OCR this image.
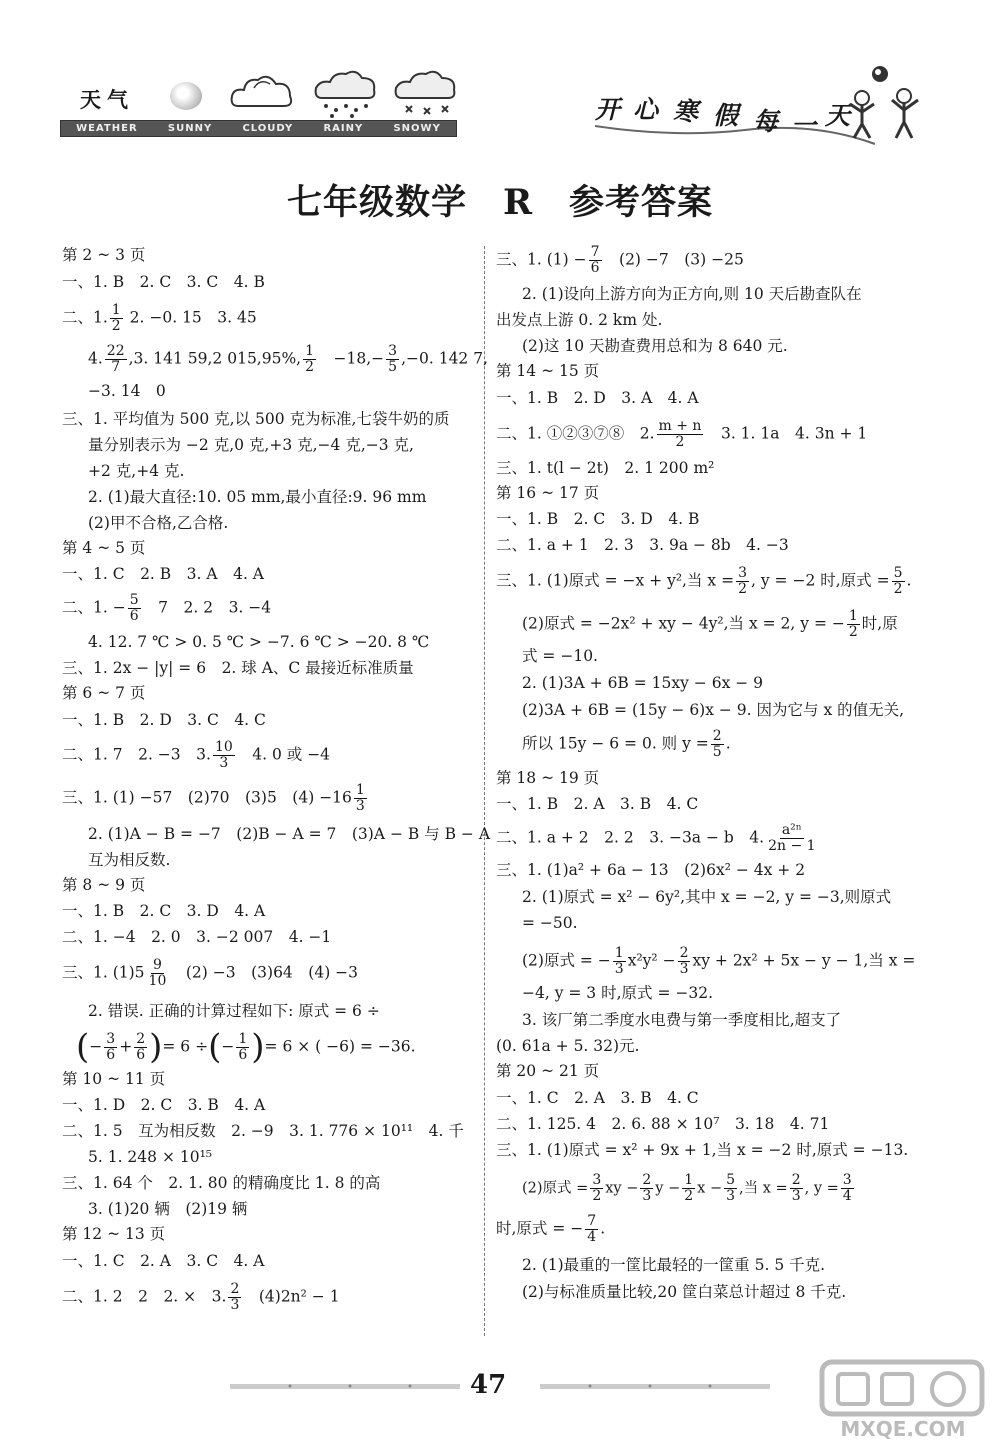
天气
WEATHER	SUNNY	CLOUDY	RAINY	SNOWY
开 心 寒 假 每 一 天
七年级数学　R　参考答案
第 2 ~ 3 页
一、1. B　2. C　3. C　4. B
二、1. $\frac{1}{2} 2$. −0. 15　3. 45
4. $\frac{22}{7} ,3$. 141 59,2 015,95%, $\frac{1}{2}$ 　$-18,- \frac{3}{5} ,-0$. 142 7,
−3. 14　0
三、1. 平均值为 500 克,以 500 克为标准,七袋牛奶的质
量分别表示为 −2 克,0 克,+3 克,−4 克,−3 克,
+2 克,+4 克.
2. (1)最大直径:10. 05 mm,最小直径:9. 96 mm
(2)甲不合格,乙合格.
第 4 ~ 5 页
一、1. C　2. B　3. A　4. A
二、1. − $\frac{5}{6}$ 　7　2. 2　3. −4
4. 12. 7 ℃ > 0. 5 ℃ > −7. 6 ℃ > −20. 8 ℃
三、1. 2x − |y| = 6　2. 球 A、C 最接近标准质量
第 6 ~ 7 页
一、1. B　2. D　3. C　4. C
二、1. 7　2. −3　3. $\frac{10}{3}$ 　4. 0 或 −4
三、1. (1) −57　(2)70　(3)5　$(4) -16 \frac{1}{3}$
2. (1)A − B = −7　(2)B − A = 7　(3)A − B 与 B − A
互为相反数.
第 8 ~ 9 页
一、1. B　2. C　3. D　4. A
二、1. −4　2. 0　3. −2 007　4. −1
三、1. $(1)5 \frac{9}{10}$ 　(2) −3　(3)64　(4) −3
2. 错误. 正确的计算过程如下: 原式 = 6 ÷
(− $\frac{3}{6} + \frac{2}{6}$ )= 6 ÷(− $\frac{1}{6}$ )= 6 × ( −6) = −36.
第 10 ~ 11 页
一、1. D　2. C　3. B　4. A
二、1. 5　互为相反数　2. −9　3. 1. 776 × 10¹¹　4. 千
5. 1. 248 × 10¹⁵
三、1. 64 个　2. 1. 80 的精确度比 1. 8 的高
3. (1)20 辆　(2)19 辆
第 12 ~ 13 页
一、1. C　2. A　3. C　4. A
二、1. 2　2　2. ×　3. $\frac{2}{3}$ 　(4)2n² − 1
三、1. $(1) - \frac{7}{6}$ 　(2) −7　(3) −25
2. (1)设向上游方向为正方向,则 10 天后勘查队在
出发点上游 0. 2 km 处.
(2)这 10 天勘查费用总和为 8 640 元.
第 14 ~ 15 页
一、1. B　2. D　3. A　4. A
二、1. ①②③⑦⑧　2. $\frac{m + n}{2}$ 　3. 1. 1a　4. 3n + 1
三、1. t(l − 2t)　2. 1 200 m²
第 16 ~ 17 页
一、1. B　2. C　3. D　4. B
二、1. a + 1　2. 3　3. 9a − 8b　4. −3
三、1. (1)原式 = −x + y²,当 $x = \frac{3}{2}$ , y = −2 时,原式 = $\frac{5}{2}$ .
(2)原式 = −2x² + xy − 4y²,当 x = 2, y = − $\frac{1}{2}$ 时,原
式 = −10.
2. (1)3A + 6B = 15xy − 6x − 9
(2)3A + 6B = (15y − 6)x − 9. 因为它与 x 的值无关,
所以 15y − 6 = 0. 则 $y = \frac{2}{5}$ .
第 18 ~ 19 页
一、1. B　2. A　3. B　4. C
二、1. a + 2　2. 2　3. −3a − b　4. $\frac{\text{a²ⁿ}}{2n - 1}$
三、1. (1)a² + 6a − 13　(2)6x² − 4x + 2
2. (1)原式 = x² − 6y²,其中 x = −2, y = −3,则原式
= −50.
(2)原式 = − $\frac{1}{3} x^2y^2 - \frac{2}{3}$ xy + 2x² + 5x − y − 1,当 x =
−4, y = 3 时,原式 = −32.
3. 该厂第二季度水电费与第一季度相比,超支了
(0. 61a + 5. 32)元.
第 20 ~ 21 页
一、1. C　2. A　3. B　4. C
二、1. 125. 4　2. 6. 88 × 10⁷　3. 18　4. 71
三、1. (1)原式 = x² + 9x + 1,当 x = −2 时,原式 = −13.
(2)原式 = $\frac{3}{2}$ xy − $\frac{2}{3}$ $y - \frac{1}{2}$ $x - \frac{5}{3}$ ,当 $x = \frac{2}{3}$ , $y = \frac{3}{4}$
时,原式 = − $\frac{7}{4}$ .
2. (1)最重的一筐比最轻的一筐重 5. 5 千克.
(2)与标准质量比较,20 筐白菜总计超过 8 千克.
47
MXQE.COM
